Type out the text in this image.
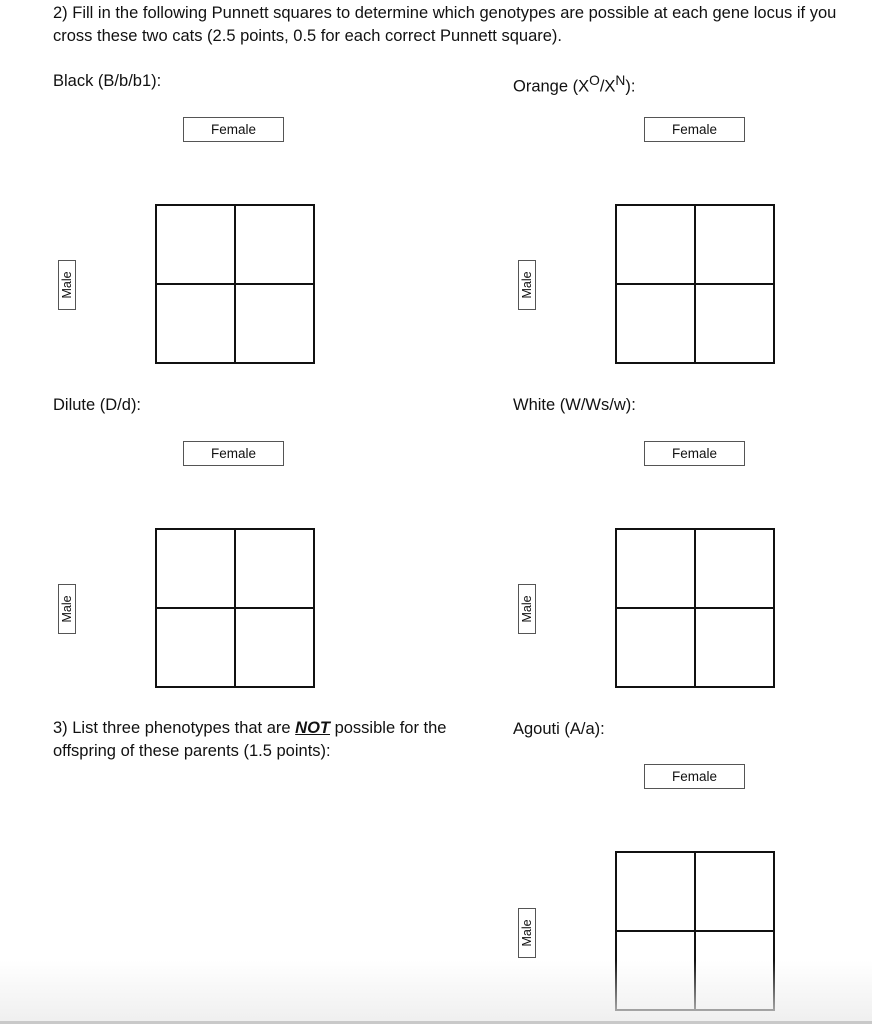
2) Fill in the following Punnett squares to determine which genotypes are possible at each gene locus if you cross these two cats (2.5 points, 0.5 for each correct Punnett square).

Black (B/b/b1):

Female
Male

Orange $(X^O/X^N)$:

Female
Male

Dilute (D/d):

Female
Male

White (W/Ws/w):

Female
Male

3) List three phenotypes that are NOT possible for the offspring of these parents (1.5 points):

Agouti (A/a):

Female
Male
